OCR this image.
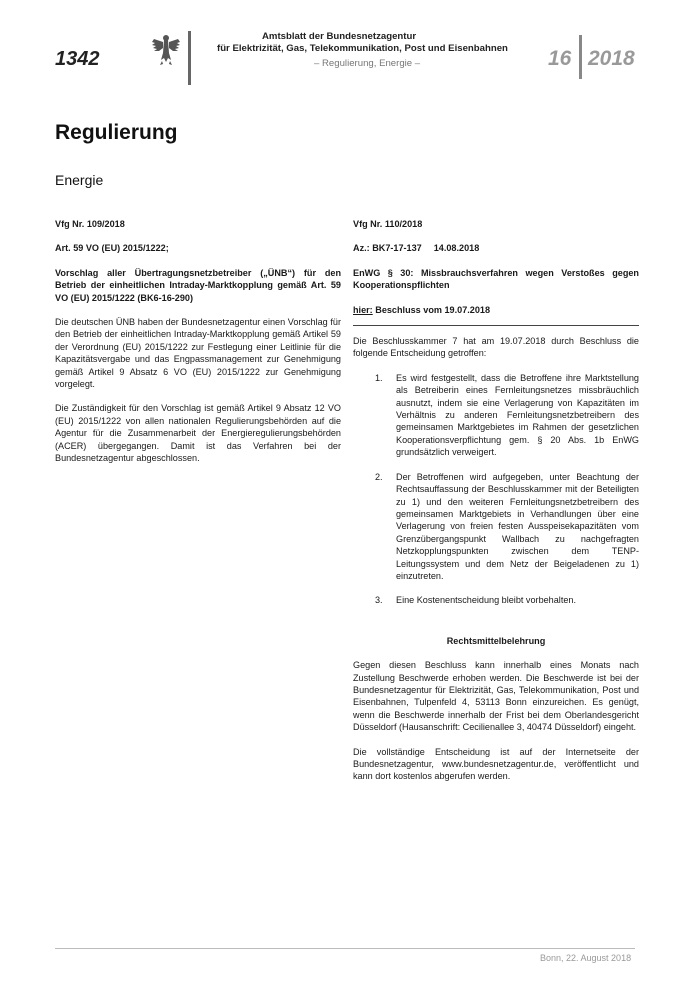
1342
Amtsblatt der Bundesnetzagentur
für Elektrizität, Gas, Telekommunikation, Post und Eisenbahnen
– Regulierung, Energie –	16 2018
Regulierung
Energie

Vfg Nr. 109/2018

Art. 59 VO (EU) 2015/1222;

Vorschlag aller Übertragungsnetzbetreiber („ÜNB“) für den Betrieb der einheitlichen Intraday-Marktkopplung gemäß Art. 59 VO (EU) 2015/1222 (BK6-16-290)

Die deutschen ÜNB haben der Bundesnetzagentur einen Vorschlag für den Betrieb der einheitlichen Intraday-Marktkopplung gemäß Artikel 59 der Verordnung (EU) 2015/1222 zur Festlegung einer Leitlinie für die Kapazitätsvergabe und das Engpassmanagement zur Genehmigung gemäß Artikel 9 Absatz 6 VO (EU) 2015/1222 zur Genehmigung vorgelegt.

Die Zuständigkeit für den Vorschlag ist gemäß Artikel 9 Absatz 12 VO (EU) 2015/1222 von allen nationalen Regulierungsbehörden auf die Agentur für die Zusammenarbeit der Energieregulierungsbehörden (ACER) übergegangen. Damit ist das Verfahren bei der Bundesnetzagentur abgeschlossen.

Vfg Nr. 110/2018

Az.: BK7-17-137 14.08.2018

EnWG § 30: Missbrauchsverfahren wegen Verstoßes gegen Kooperationspflichten

hier: Beschluss vom 19.07.2018

Die Beschlusskammer 7 hat am 19.07.2018 durch Beschluss die folgende Entscheidung getroffen:

1.	Es wird festgestellt, dass die Betroffene ihre Marktstellung als Betreiberin eines Fernleitungsnetzes missbräuchlich ausnutzt, indem sie eine Verlagerung von Kapazitäten im Verhältnis zu anderen Fernleitungsnetzbetreibern des gemeinsamen Marktgebietes im Rahmen der gesetzlichen Kooperationsverpflichtung gem. § 20 Abs. 1b EnWG grundsätzlich verweigert.
2.	Der Betroffenen wird aufgegeben, unter Beachtung der Rechtsauffassung der Beschlusskammer mit der Beteiligten zu 1) und den weiteren Fernleitungsnetzbetreibern des gemeinsamen Marktgebiets in Verhandlungen über eine Verlagerung von freien festen Ausspeisekapazitäten vom Grenzübergangspunkt Wallbach zu nachgefragten Netzkopplungspunkten zwischen dem TENP-Leitungssystem und dem Netz der Beigeladenen zu 1) einzutreten.
3.	Eine Kostenentscheidung bleibt vorbehalten.

Rechtsmittelbelehrung

Gegen diesen Beschluss kann innerhalb eines Monats nach Zustellung Beschwerde erhoben werden. Die Beschwerde ist bei der Bundesnetzagentur für Elektrizität, Gas, Telekommunikation, Post und Eisenbahnen, Tulpenfeld 4, 53113 Bonn einzureichen. Es genügt, wenn die Beschwerde innerhalb der Frist bei dem Oberlandesgericht Düsseldorf (Hausanschrift: Cecilienallee 3, 40474 Düsseldorf) eingeht.

Die vollständige Entscheidung ist auf der Internetseite der Bundesnetzagentur, www.bundesnetzagentur.de, veröffentlicht und kann dort kostenlos abgerufen werden.

Bonn, 22. August 2018
